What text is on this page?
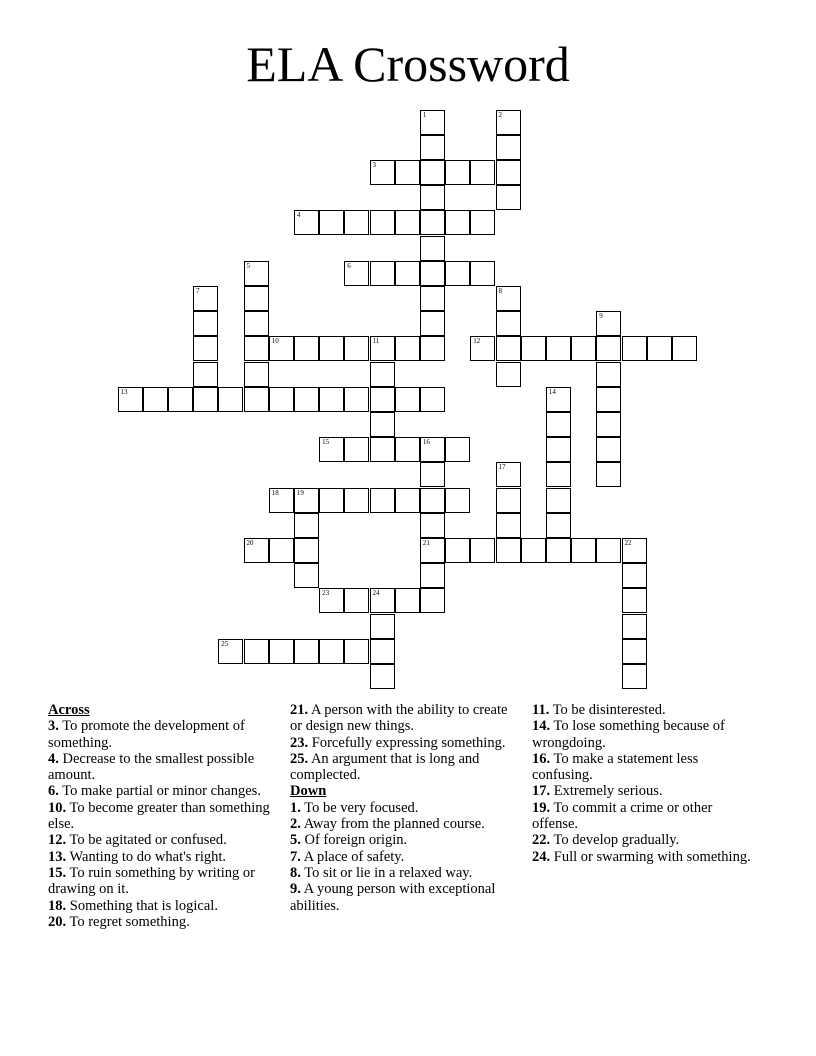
ELA Crossword
1	2
3
4
5	6
7	8
9
10	11	12
13	14
15	16
21
17
18	19
20	22
23	24
25
Across
3. To promote the development of something.
4. Decrease to the smallest possible amount.
6. To make partial or minor changes.
10. To become greater than something else.
12. To be agitated or confused.
13. Wanting to do what's right.
15. To ruin something by writing or drawing on it.
18. Something that is logical.
20. To regret something.
21. A person with the ability to create or design new things.
23. Forcefully expressing something.
25. An argument that is long and complected.
Down
1. To be very focused.
2. Away from the planned course.
5. Of foreign origin.
7. A place of safety.
8. To sit or lie in a relaxed way.
9. A young person with exceptional abilities.
11. To be disinterested.
14. To lose something because of wrongdoing.
16. To make a statement less confusing.
17. Extremely serious.
19. To commit a crime or other offense.
22. To develop gradually.
24. Full or swarming with something.
